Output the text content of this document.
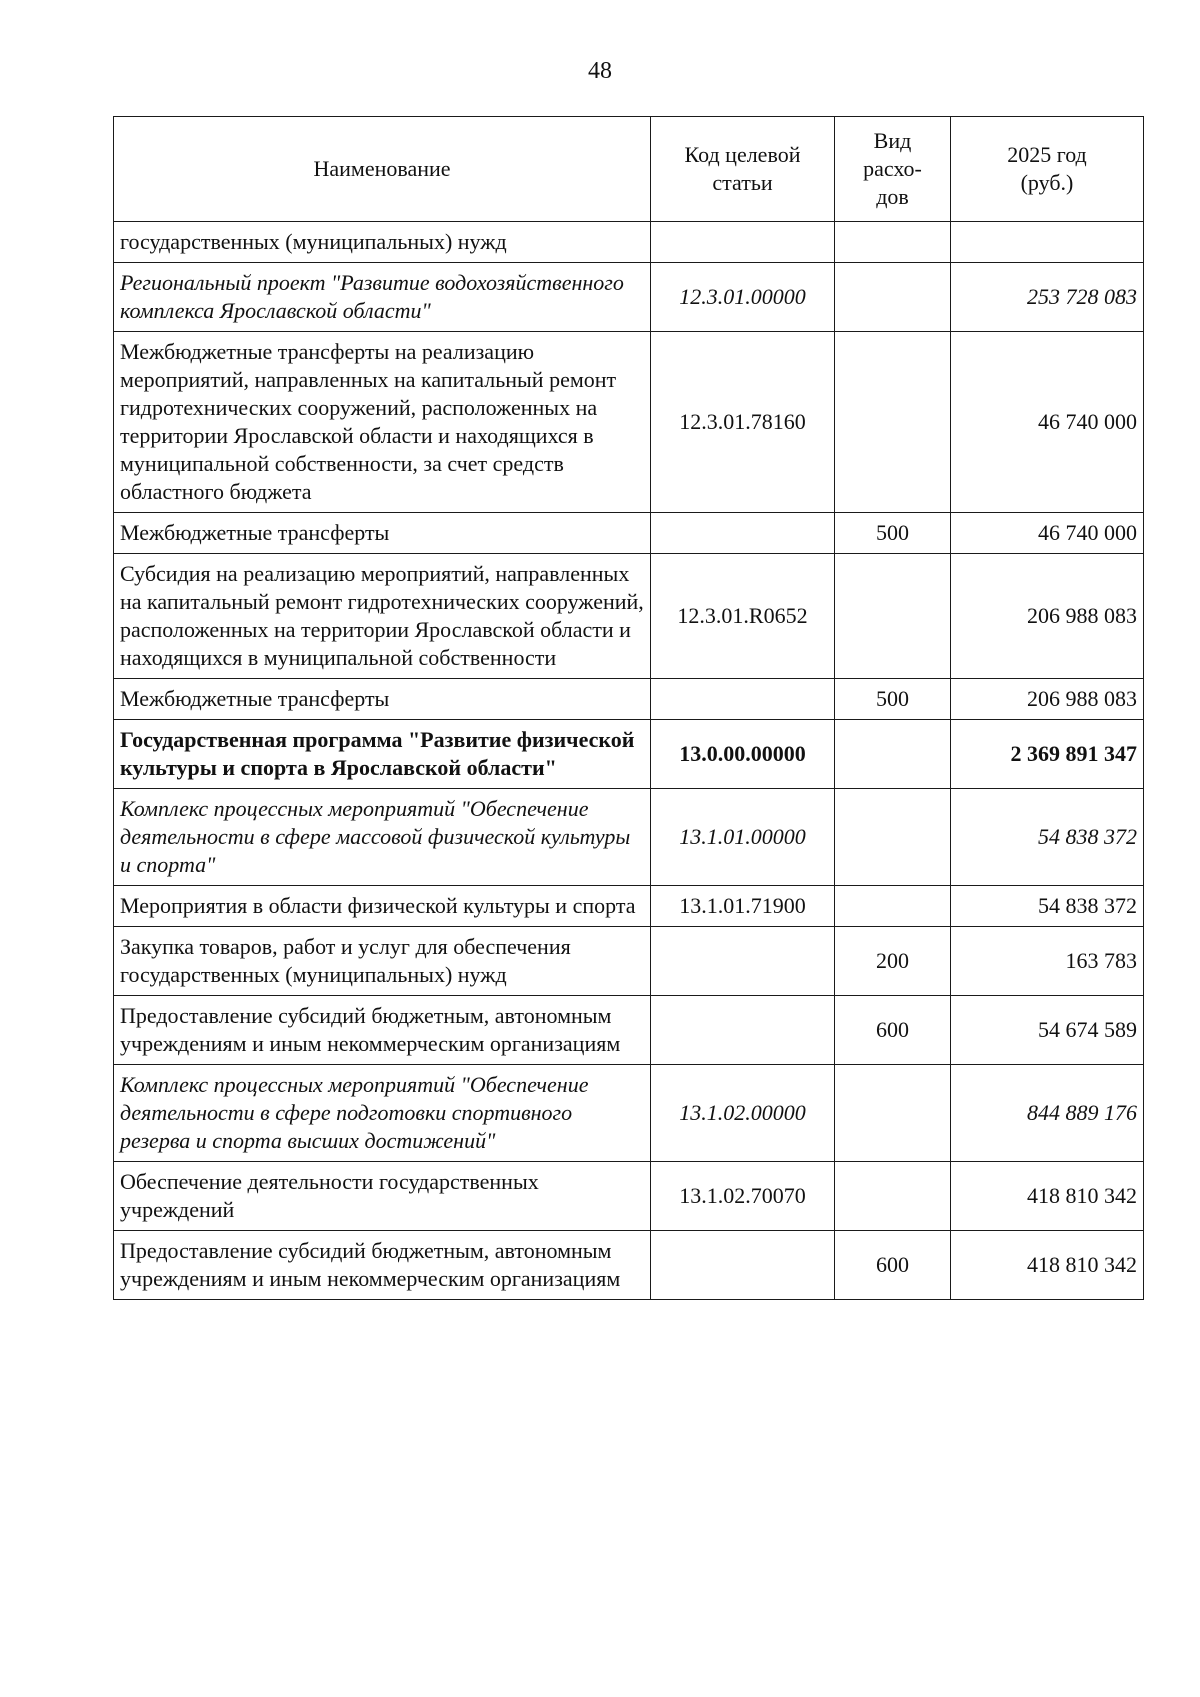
48
Наименование	Код целевой статьи	Вид расхо-дов	2025 год (руб.)
государственных (муниципальных) нужд			
Региональный проект "Развитие водохозяйственного комплекса Ярославской области"	12.3.01.00000		253 728 083
Межбюджетные трансферты на реализацию мероприятий, направленных на капитальный ремонт гидротехнических сооружений, расположенных на территории Ярославской области и находящихся в муниципальной собственности, за счет средств областного бюджета	12.3.01.78160		46 740 000
Межбюджетные трансферты		500	46 740 000
Субсидия на реализацию мероприятий, направленных на капитальный ремонт гидротехнических сооружений, расположенных на территории Ярославской области и находящихся в муниципальной собственности	12.3.01.R0652		206 988 083
Межбюджетные трансферты		500	206 988 083
Государственная программа "Развитие физической культуры и спорта в Ярославской области"	13.0.00.00000		2 369 891 347
Комплекс процессных мероприятий "Обеспечение деятельности в сфере массовой физической культуры и спорта"	13.1.01.00000		54 838 372
Мероприятия в области физической культуры и спорта	13.1.01.71900		54 838 372
Закупка товаров, работ и услуг для обеспечения государственных (муниципальных) нужд		200	163 783
Предоставление субсидий бюджетным, автономным учреждениям и иным некоммерческим организациям		600	54 674 589
Комплекс процессных мероприятий "Обеспечение деятельности в сфере подготовки спортивного резерва и спорта высших достижений"	13.1.02.00000		844 889 176
Обеспечение деятельности государственных учреждений	13.1.02.70070		418 810 342
Предоставление субсидий бюджетным, автономным учреждениям и иным некоммерческим организациям		600	418 810 342
